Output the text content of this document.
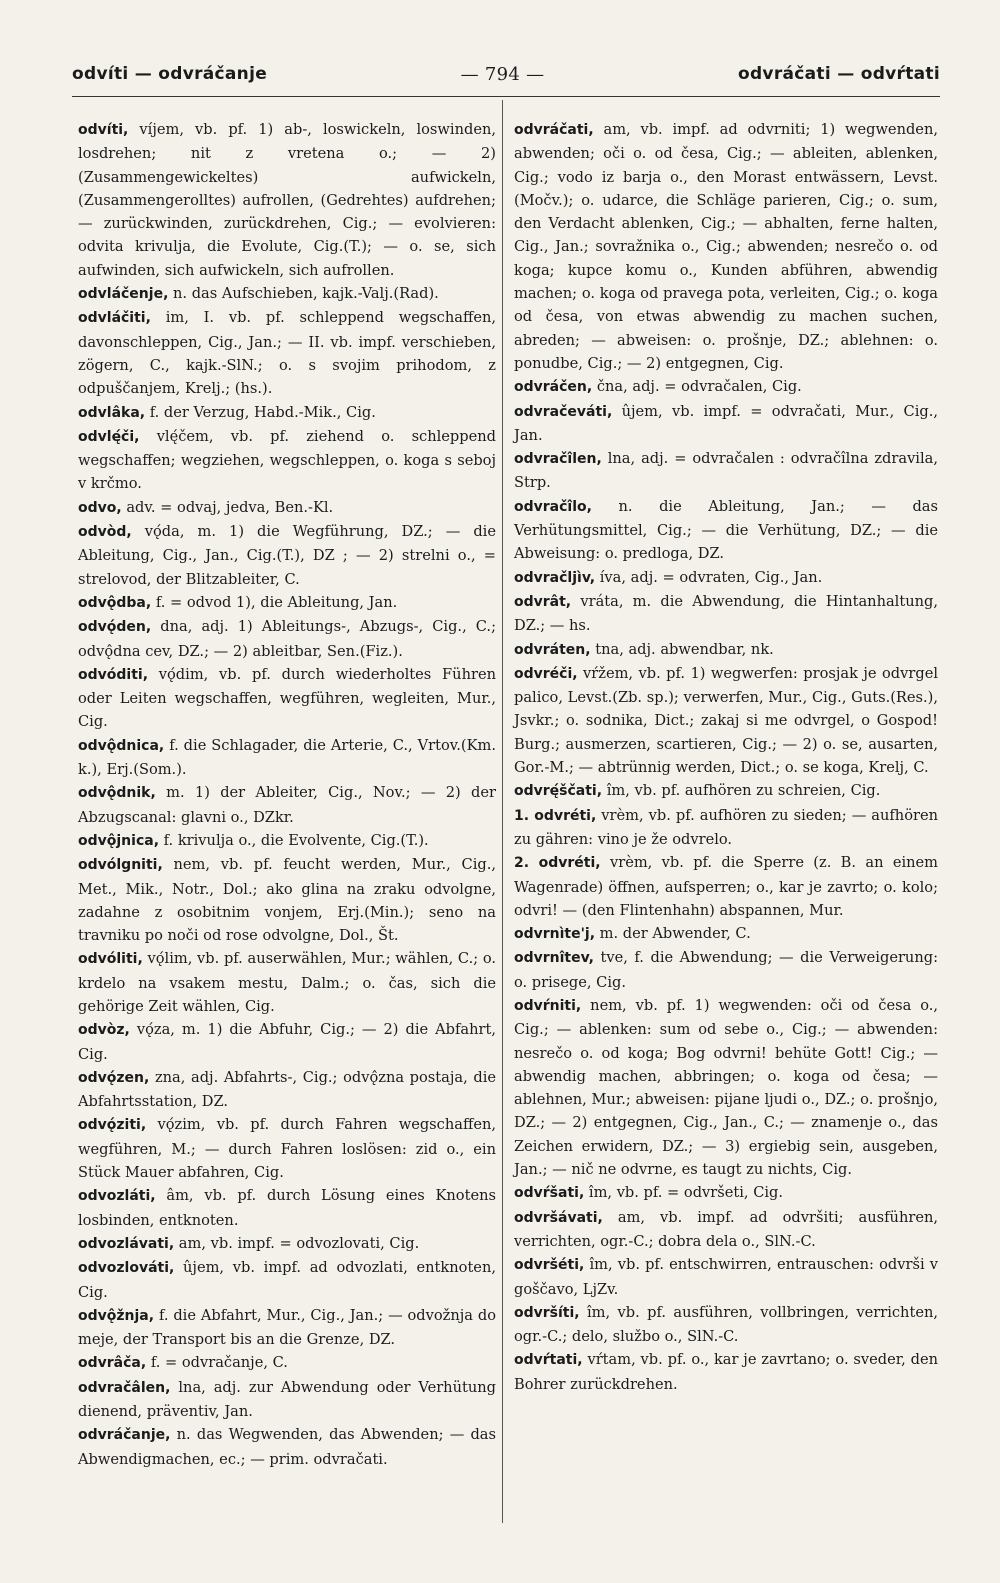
odvíti — odvráčanje	— 794 —	odvráčati — odvŕtati

odvíti, víjem, vb. pf. 1) ab-, loswickeln, loswinden, losdrehen; nit z vretena o.; — 2) (Zusammengewickeltes) aufwickeln, (Zusammengerolltes) aufrollen, (Gedrehtes) aufdrehen; — zurückwinden, zurückdrehen, Cig.; — evolvieren: odvita krivulja, die Evolute, Cig.(T.); — o. se, sich aufwinden, sich aufwickeln, sich aufrollen.

odvláčenje, n. das Aufschieben, kajk.-Valj.(Rad).

odvláčiti, im, I. vb. pf. schleppend wegschaffen, davonschleppen, Cig., Jan.; — II. vb. impf. verschieben, zögern, C., kajk.-SlN.; o. s svojim prihodom, z odpuščanjem, Krelj.; (hs.).

odvlâka, f. der Verzug, Habd.-Mik., Cig.

odvlę́či, vlę́čem, vb. pf. ziehend o. schleppend wegschaffen; wegziehen, wegschleppen, o. koga s seboj v krčmo.

odvo, adv. = odvaj, jedva, Ben.-Kl.

odvòd, vǫ́da, m. 1) die Wegführung, DZ.; — die Ableitung, Cig., Jan., Cig.(T.), DZ ; — 2) strelni o., = strelovod, der Blitzableiter, C.

odvǫ̂dba, f. = odvod 1), die Ableitung, Jan.

odvǫ́den, dna, adj. 1) Ableitungs-, Abzugs-, Cig., C.; odvǫ̂dna cev, DZ.; — 2) ableitbar, Sen.(Fiz.).

odvóditi, vǫ́dim, vb. pf. durch wiederholtes Führen oder Leiten wegschaffen, wegführen, wegleiten, Mur., Cig.

odvǫ̂dnica, f. die Schlagader, die Arterie, C., Vrtov.(Km. k.), Erj.(Som.).

odvǫ̂dnik, m. 1) der Ableiter, Cig., Nov.; — 2) der Abzugscanal: glavni o., DZkr.

odvǫ̂jnica, f. krivulja o., die Evolvente, Cig.(T.).

odvólgniti, nem, vb. pf. feucht werden, Mur., Cig., Met., Mik., Notr., Dol.; ako glina na zraku odvolgne, zadahne z osobitnim vonjem, Erj.(Min.); seno na travniku po noči od rose odvolgne, Dol., Št.

odvóliti, vǫ́lim, vb. pf. auserwählen, Mur.; wählen, C.; o. krdelo na vsakem mestu, Dalm.; o. čas, sich die gehörige Zeit wählen, Cig.

odvòz, vǫ́za, m. 1) die Abfuhr, Cig.; — 2) die Abfahrt, Cig.

odvǫ́zen, zna, adj. Abfahrts-, Cig.; odvǫ̂zna postaja, die Abfahrtsstation, DZ.

odvǫ́ziti, vǫ́zim, vb. pf. durch Fahren wegschaffen, wegführen, M.; — durch Fahren loslösen: zid o., ein Stück Mauer abfahren, Cig.

odvozláti, âm, vb. pf. durch Lösung eines Knotens losbinden, entknoten.

odvozlávati, am, vb. impf. = odvozlovati, Cig.

odvozlováti, ûjem, vb. impf. ad odvozlati, entknoten, Cig.

odvǫ̂žnja, f. die Abfahrt, Mur., Cig., Jan.; — odvožnja do meje, der Transport bis an die Grenze, DZ.

odvrâča, f. = odvračanje, C.

odvračâlen, lna, adj. zur Abwendung oder Verhütung dienend, präventiv, Jan.

odvráčanje, n. das Wegwenden, das Abwenden; — das Abwendigmachen, ec.; — prim. odvračati.

odvráčati, am, vb. impf. ad odvrniti; 1) wegwenden, abwenden; oči o. od česa, Cig.; — ableiten, ablenken, Cig.; vodo iz barja o., den Morast entwässern, Levst.(Močv.); o. udarce, die Schläge parieren, Cig.; o. sum, den Verdacht ablenken, Cig.; — abhalten, ferne halten, Cig., Jan.; sovražnika o., Cig.; abwenden; nesrečo o. od koga; kupce komu o., Kunden abführen, abwendig machen; o. koga od pravega pota, verleiten, Cig.; o. koga od česa, von etwas abwendig zu machen suchen, abreden; — abweisen: o. prošnje, DZ.; ablehnen: o. ponudbe, Cig.; — 2) entgegnen, Cig.

odvráčen, čna, adj. = odvračalen, Cig.

odvračeváti, ûjem, vb. impf. = odvračati, Mur., Cig., Jan.

odvračîlen, lna, adj. = odvračalen : odvračîlna zdravila, Strp.

odvračîlo, n. die Ableitung, Jan.; — das Verhütungsmittel, Cig.; — die Verhütung, DZ.; — die Abweisung: o. predloga, DZ.

odvračljìv, íva, adj. = odvraten, Cig., Jan.

odvrât, vráta, m. die Abwendung, die Hintanhaltung, DZ.; — hs.

odvráten, tna, adj. abwendbar, nk.

odvréči, vŕžem, vb. pf. 1) wegwerfen: prosjak je odvrgel palico, Levst.(Zb. sp.); verwerfen, Mur., Cig., Guts.(Res.), Jsvkr.; o. sodnika, Dict.; zakaj si me odvrgel, o Gospod! Burg.; ausmerzen, scartieren, Cig.; — 2) o. se, ausarten, Gor.-M.; — abtrünnig werden, Dict.; o. se koga, Krelj, C.

odvrę́ščati, îm, vb. pf. aufhören zu schreien, Cig.

1. odvréti, vrèm, vb. pf. aufhören zu sieden; — aufhören zu gähren: vino je že odvrelo.

2. odvréti, vrèm, vb. pf. die Sperre (z. B. an einem Wagenrade) öffnen, aufsperren; o., kar je zavrto; o. kolo; odvri! — (den Flintenhahn) abspannen, Mur.

odvrnìte'j, m. der Abwender, C.

odvrnîtev, tve, f. die Abwendung; — die Verweigerung: o. prisege, Cig.

odvŕniti, nem, vb. pf. 1) wegwenden: oči od česa o., Cig.; — ablenken: sum od sebe o., Cig.; — abwenden: nesrečo o. od koga; Bog odvrni! behüte Gott! Cig.; — abwendig machen, abbringen; o. koga od česa; — ablehnen, Mur.; abweisen: pijane ljudi o., DZ.; o. prošnjo, DZ.; — 2) entgegnen, Cig., Jan., C.; — znamenje o., das Zeichen erwidern, DZ.; — 3) ergiebig sein, ausgeben, Jan.; — nič ne odvrne, es taugt zu nichts, Cig.

odvŕšati, îm, vb. pf. = odvršeti, Cig.

odvršávati, am, vb. impf. ad odvršiti; ausführen, verrichten, ogr.-C.; dobra dela o., SlN.-C.

odvršéti, îm, vb. pf. entschwirren, entrauschen: odvrši v goščavo, LjZv.

odvršíti, îm, vb. pf. ausführen, vollbringen, verrichten, ogr.-C.; delo, službo o., SlN.-C.

odvŕtati, vŕtam, vb. pf. o., kar je zavrtano; o. sveder, den Bohrer zurückdrehen.
